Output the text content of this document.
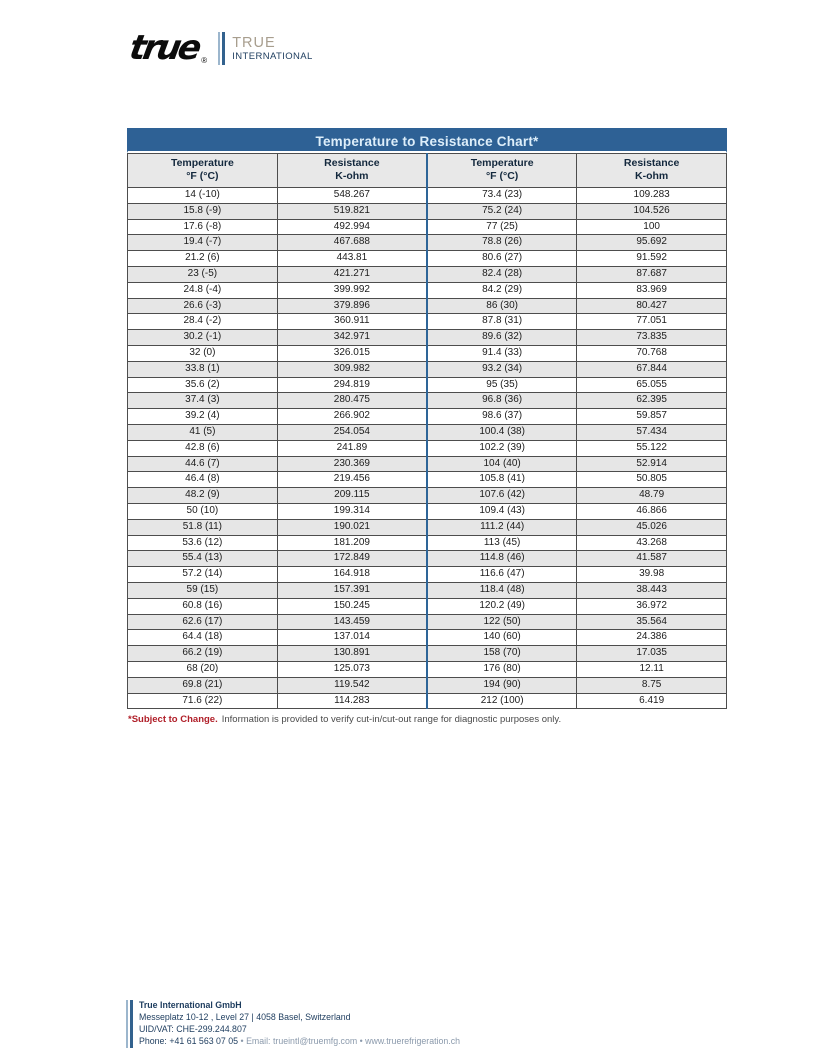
true ®
TRUE
INTERNATIONAL
Temperature to Resistance Chart*
Temperature
°F (°C)

Resistance
K-ohm

Temperature
°F (°C)

Resistance
K-ohm

14 (-10)	548.267	73.4 (23)	109.283
15.8 (-9)	519.821	75.2 (24)	104.526
17.6 (-8)	492.994	77 (25)	100
19.4 (-7)	467.688	78.8 (26)	95.692
21.2 (6)	443.81	80.6 (27)	91.592
23 (-5)	421.271	82.4 (28)	87.687
24.8 (-4)	399.992	84.2 (29)	83.969
26.6 (-3)	379.896	86 (30)	80.427
28.4 (-2)	360.911	87.8 (31)	77.051
30.2 (-1)	342.971	89.6 (32)	73.835
32 (0)	326.015	91.4 (33)	70.768
33.8 (1)	309.982	93.2 (34)	67.844
35.6 (2)	294.819	95 (35)	65.055
37.4 (3)	280.475	96.8 (36)	62.395
39.2 (4)	266.902	98.6 (37)	59.857
41 (5)	254.054	100.4 (38)	57.434
42.8 (6)	241.89	102.2 (39)	55.122
44.6 (7)	230.369	104 (40)	52.914
46.4 (8)	219.456	105.8 (41)	50.805
48.2 (9)	209.115	107.6 (42)	48.79
50 (10)	199.314	109.4 (43)	46.866
51.8 (11)	190.021	111.2 (44)	45.026
53.6 (12)	181.209	113 (45)	43.268
55.4 (13)	172.849	114.8 (46)	41.587
57.2 (14)	164.918	116.6 (47)	39.98
59 (15)	157.391	118.4 (48)	38.443
60.8 (16)	150.245	120.2 (49)	36.972
62.6 (17)	143.459	122 (50)	35.564
64.4 (18)	137.014	140 (60)	24.386
66.2 (19)	130.891	158 (70)	17.035
68 (20)	125.073	176 (80)	12.11
69.8 (21)	119.542	194 (90)	8.75
71.6 (22)	114.283	212 (100)	6.419
*Subject to Change. Information is provided to verify cut-in/cut-out range for diagnostic purposes only.
True International GmbH
Messeplatz 10-12 , Level 27 | 4058 Basel, Switzerland
UID/VAT: CHE-299.244.807
Phone: +41 61 563 07 05 • Email: trueintl@truemfg.com • www.truerefrigeration.ch
